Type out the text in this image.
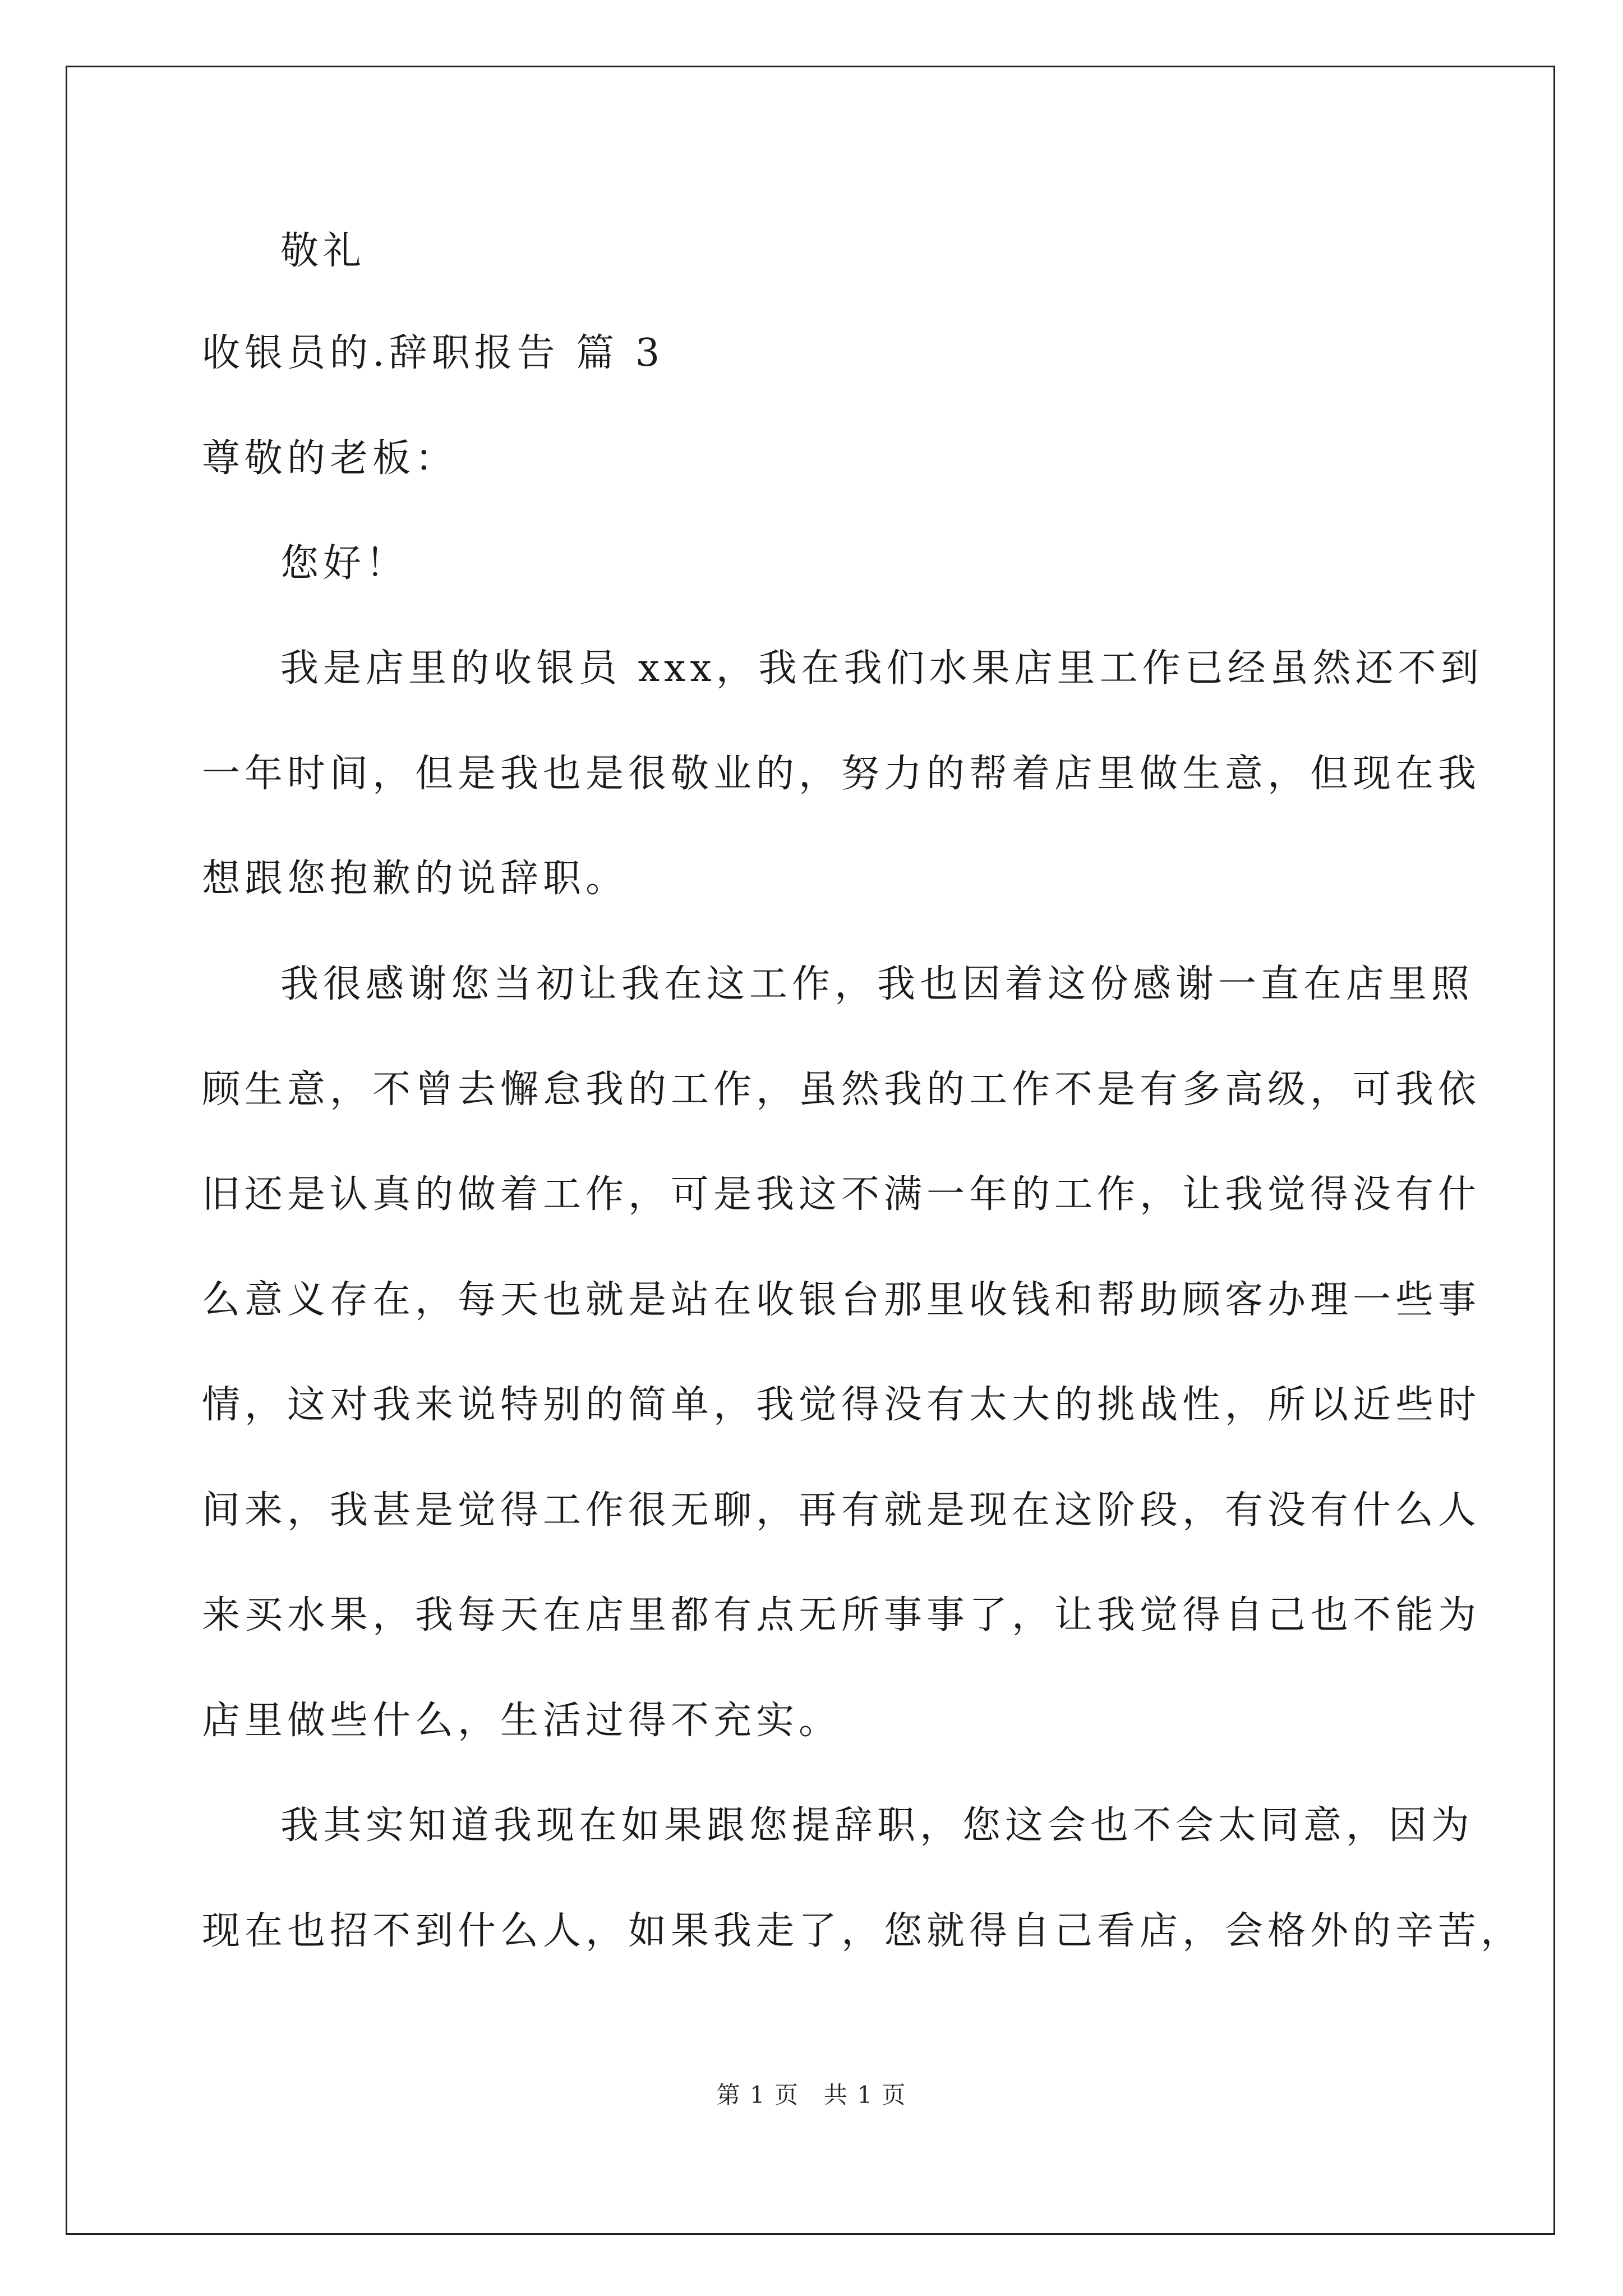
敬礼

收银员的.辞职报告 篇 3

尊敬的老板：

您好！

我是店里的收银员 xxx，我在我们水果店里工作已经虽然还不到

一年时间，但是我也是很敬业的，努力的帮着店里做生意，但现在我

想跟您抱歉的说辞职。

我很感谢您当初让我在这工作，我也因着这份感谢一直在店里照

顾生意，不曾去懈怠我的工作，虽然我的工作不是有多高级，可我依

旧还是认真的做着工作，可是我这不满一年的工作，让我觉得没有什

么意义存在，每天也就是站在收银台那里收钱和帮助顾客办理一些事

情，这对我来说特别的简单，我觉得没有太大的挑战性，所以近些时

间来，我甚是觉得工作很无聊，再有就是现在这阶段，有没有什么人

来买水果，我每天在店里都有点无所事事了，让我觉得自己也不能为

店里做些什么，生活过得不充实。

我其实知道我现在如果跟您提辞职，您这会也不会太同意，因为

现在也招不到什么人，如果我走了，您就得自己看店，会格外的辛苦，

第 1 页　共 1 页
